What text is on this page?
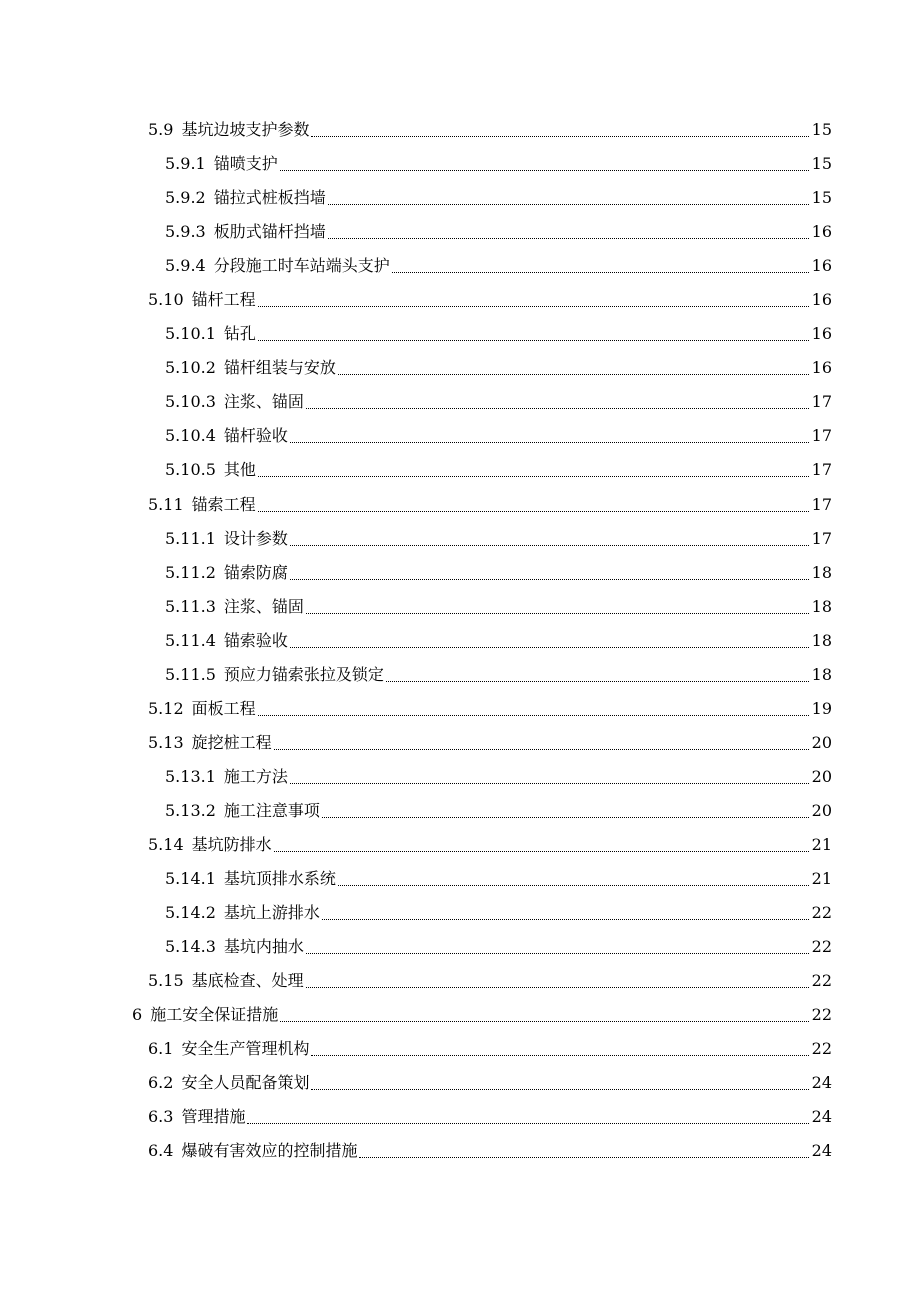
5.9 基坑边坡支护参数	15
5.9.1 锚喷支护	15
5.9.2 锚拉式桩板挡墙	15
5.9.3 板肋式锚杆挡墙	16
5.9.4 分段施工时车站端头支护	16
5.10 锚杆工程	16
5.10.1 钻孔	16
5.10.2 锚杆组装与安放	16
5.10.3 注浆、锚固	17
5.10.4 锚杆验收	17
5.10.5 其他	17
5.11 锚索工程	17
5.11.1 设计参数	17
5.11.2 锚索防腐	18
5.11.3 注浆、锚固	18
5.11.4 锚索验收	18
5.11.5 预应力锚索张拉及锁定	18
5.12 面板工程	19
5.13 旋挖桩工程	20
5.13.1 施工方法	20
5.13.2 施工注意事项	20
5.14 基坑防排水	21
5.14.1 基坑顶排水系统	21
5.14.2 基坑上游排水	22
5.14.3 基坑内抽水	22
5.15 基底检查、处理	22
6 施工安全保证措施	22
6.1 安全生产管理机构	22
6.2 安全人员配备策划	24
6.3 管理措施	24
6.4 爆破有害效应的控制措施	24
